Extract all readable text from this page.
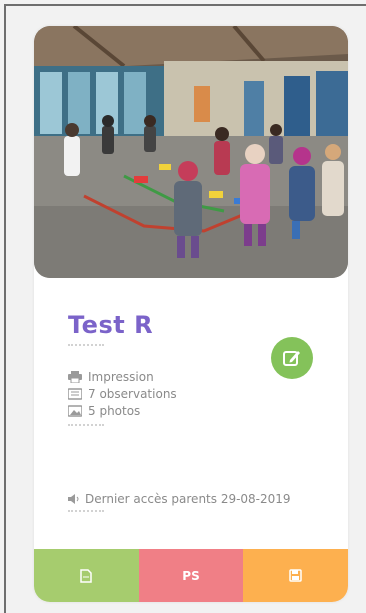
Test R
Impression
7 observations
5 photos
Dernier accès parents 29-08-2019
PS
